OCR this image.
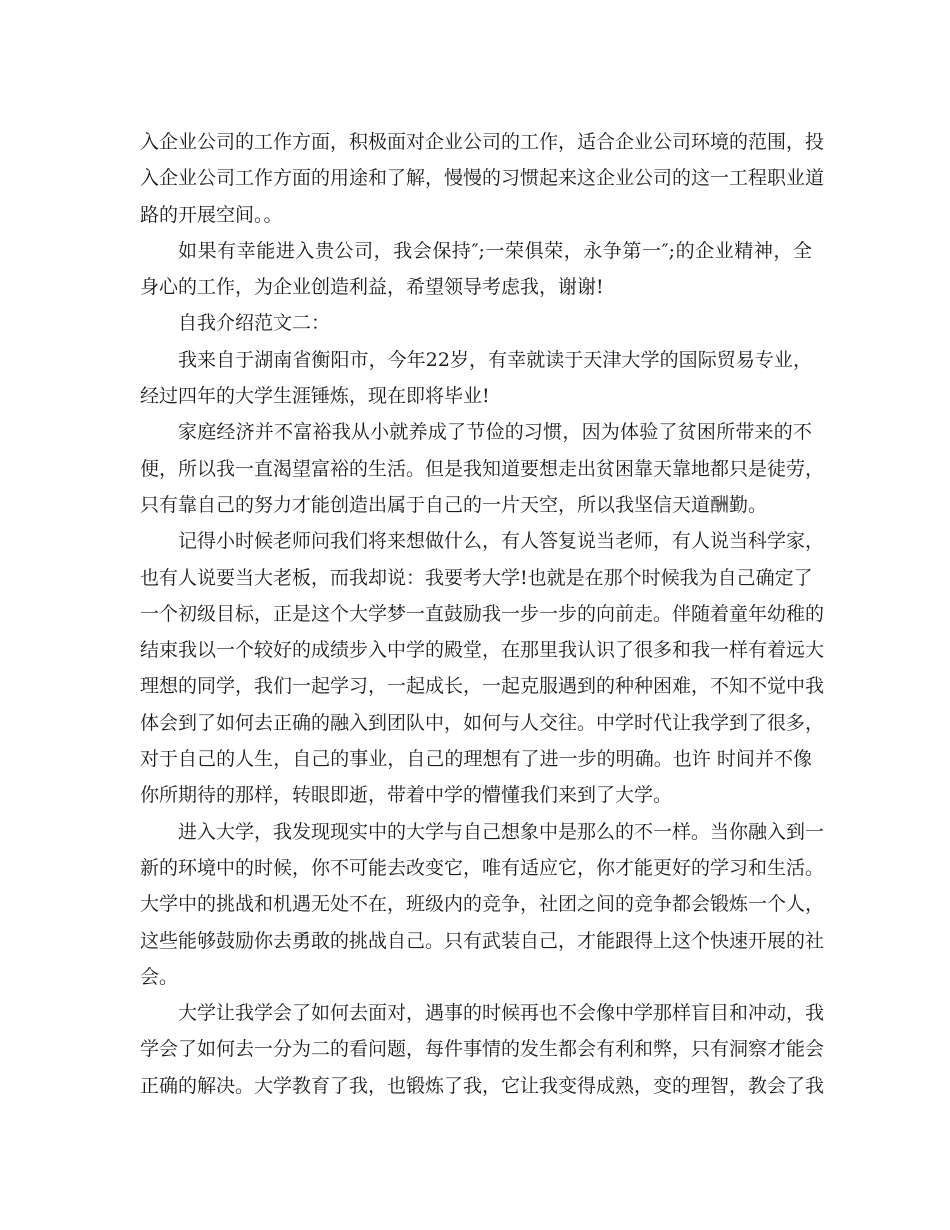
入企业公司的工作方面，积极面对企业公司的工作，适合企业公司环境的范围，投
入企业公司工作方面的用途和了解，慢慢的习惯起来这企业公司的这一工程职业道
路的开展空间。。
如果有幸能进入贵公司，我会保持″;一荣俱荣，永争第一″;的企业精神，全
身心的工作，为企业创造利益，希望领导考虑我，谢谢!
自我介绍范文二：
我来自于湖南省衡阳市，今年22岁，有幸就读于天津大学的国际贸易专业，
经过四年的大学生涯锤炼，现在即将毕业!
家庭经济并不富裕我从小就养成了节俭的习惯，因为体验了贫困所带来的不
便，所以我一直渴望富裕的生活。但是我知道要想走出贫困靠天靠地都只是徒劳，
只有靠自己的努力才能创造出属于自己的一片天空，所以我坚信天道酬勤。
记得小时候老师问我们将来想做什么，有人答复说当老师，有人说当科学家，
也有人说要当大老板，而我却说：我要考大学!也就是在那个时候我为自己确定了
一个初级目标，正是这个大学梦一直鼓励我一步一步的向前走。伴随着童年幼稚的
结束我以一个较好的成绩步入中学的殿堂，在那里我认识了很多和我一样有着远大
理想的同学，我们一起学习，一起成长，一起克服遇到的种种困难，不知不觉中我
体会到了如何去正确的融入到团队中，如何与人交往。中学时代让我学到了很多，
对于自己的人生，自己的事业，自己的理想有了进一步的明确。也许 时间并不像
你所期待的那样，转眼即逝，带着中学的懵懂我们来到了大学。
进入大学，我发现现实中的大学与自己想象中是那么的不一样。当你融入到一
新的环境中的时候，你不可能去改变它，唯有适应它，你才能更好的学习和生活。
大学中的挑战和机遇无处不在，班级内的竞争，社团之间的竞争都会锻炼一个人，
这些能够鼓励你去勇敢的挑战自己。只有武装自己，才能跟得上这个快速开展的社
会。
大学让我学会了如何去面对，遇事的时候再也不会像中学那样盲目和冲动，我
学会了如何去一分为二的看问题，每件事情的发生都会有利和弊，只有洞察才能会
正确的解决。大学教育了我，也锻炼了我，它让我变得成熟，变的理智，教会了我
